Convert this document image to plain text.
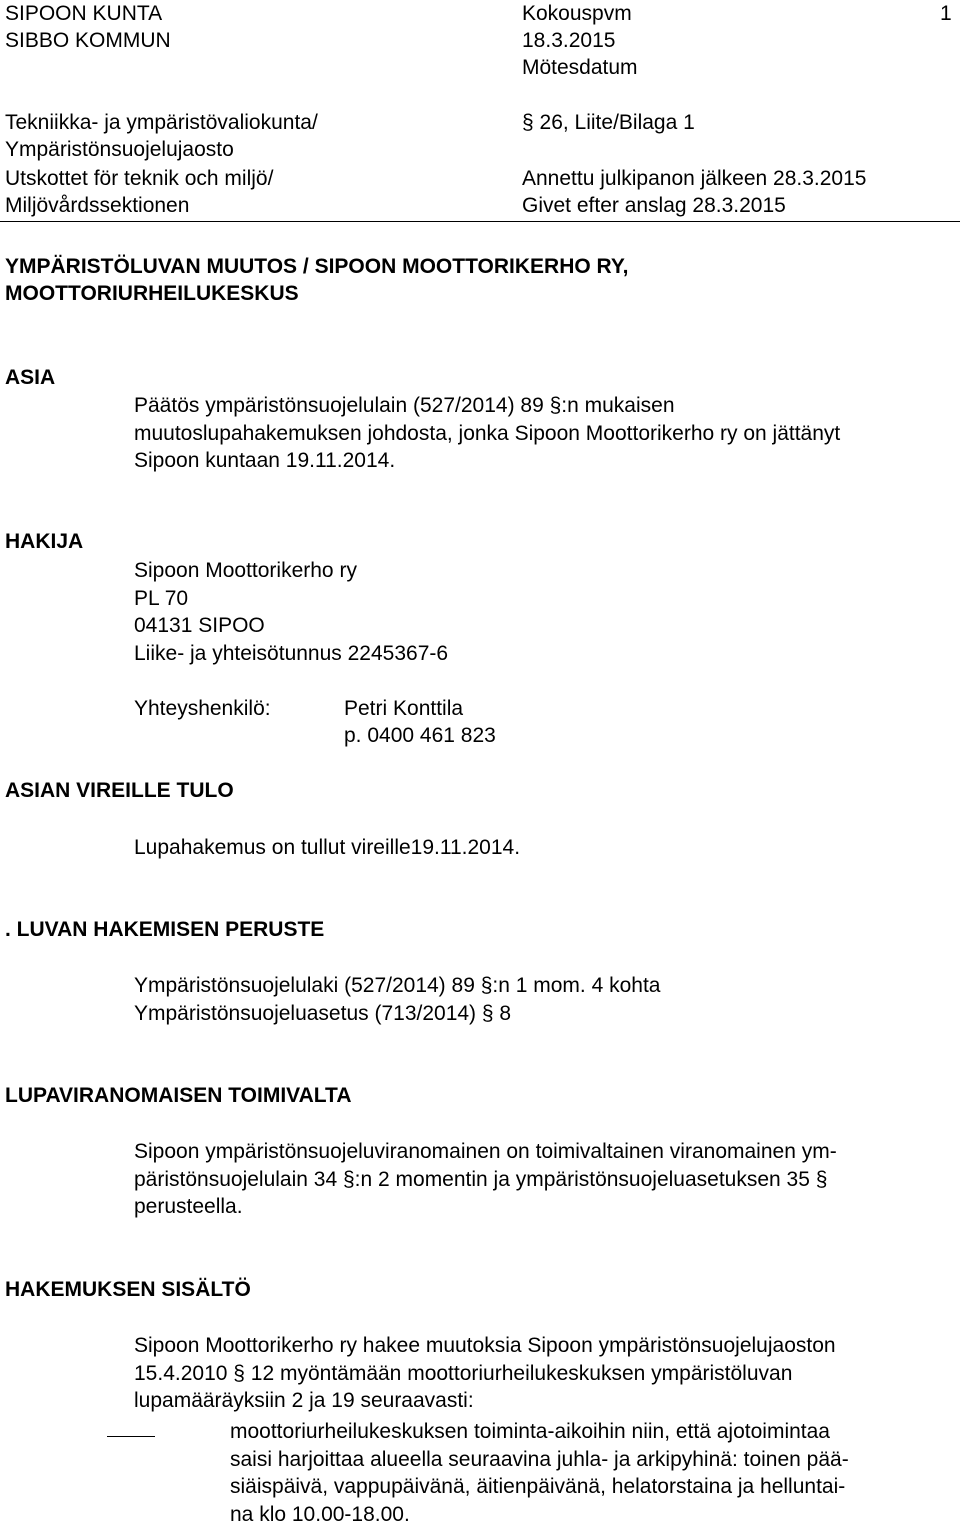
SIPOON KUNTA
SIBBO KOMMUN
Kokouspvm
18.3.2015
Mötesdatum
1
Tekniikka- ja ympäristövaliokunta/
Ympäristönsuojelujaosto
Utskottet för teknik och miljö/
Miljövårdssektionen
§ 26, Liite/Bilaga 1
Annettu julkipanon jälkeen 28.3.2015
Givet efter anslag 28.3.2015
YMPÄRISTÖLUVAN MUUTOS / SIPOON MOOTTORIKERHO RY,
MOOTTORIURHEILUKESKUS
ASIA
Päätös ympäristönsuojelulain (527/2014) 89 §:n mukaisen
muutoslupahakemuksen johdosta, jonka Sipoon Moottorikerho ry on jättänyt
Sipoon kuntaan 19.11.2014.
HAKIJA
Sipoon Moottorikerho ry
PL 70
04131 SIPOO
Liike- ja yhteisötunnus 2245367-6
Yhteyshenkilö:	Petri Konttila
p. 0400 461 823
ASIAN VIREILLE TULO
Lupahakemus on tullut vireille19.11.2014.
. LUVAN HAKEMISEN PERUSTE
Ympäristönsuojelulaki (527/2014) 89 §:n 1 mom. 4 kohta
Ympäristönsuojeluasetus (713/2014) § 8
LUPAVIRANOMAISEN TOIMIVALTA
Sipoon ympäristönsuojeluviranomainen on toimivaltainen viranomainen ym-
päristönsuojelulain 34 §:n 2 momentin ja ympäristönsuojeluasetuksen 35 §
perusteella.
HAKEMUKSEN SISÄLTÖ
Sipoon Moottorikerho ry hakee muutoksia Sipoon ympäristönsuojelujaoston
15.4.2010 § 12 myöntämään moottoriurheilukeskuksen ympäristöluvan
lupamääräyksiin 2 ja 19 seuraavasti:
moottoriurheilukeskuksen toiminta-aikoihin niin, että ajotoimintaa
saisi harjoittaa alueella seuraavina juhla- ja arkipyhinä: toinen pää-
siäispäivä, vappupäivänä, äitienpäivänä, helatorstaina ja helluntai-
na klo 10.00-18.00.
